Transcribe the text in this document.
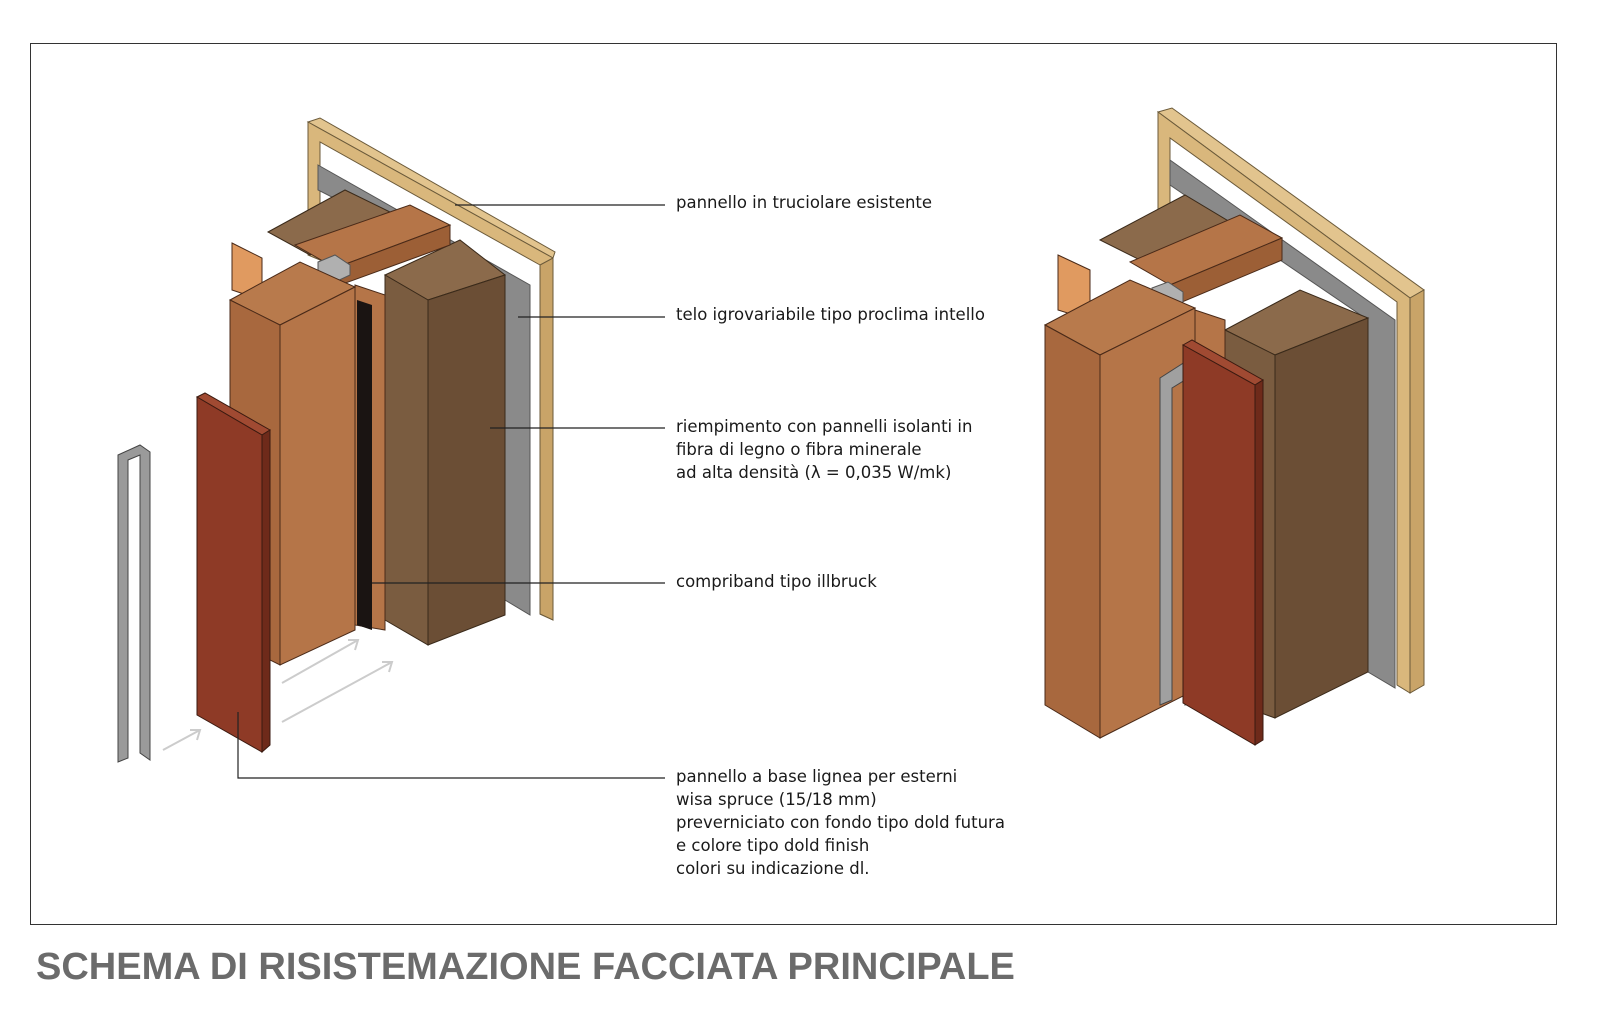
pannello in truciolare esistente
telo igrovariabile tipo proclima intello
riempimento con pannelli isolanti in
fibra di legno o fibra minerale
ad alta densità (λ = 0,035 W/mk)
compriband tipo illbruck
pannello a base lignea per esterni
wisa spruce (15/18 mm)
preverniciato con fondo tipo dold futura
e colore tipo dold finish
colori su indicazione dl.
SCHEMA DI RISISTEMAZIONE FACCIATA PRINCIPALE
